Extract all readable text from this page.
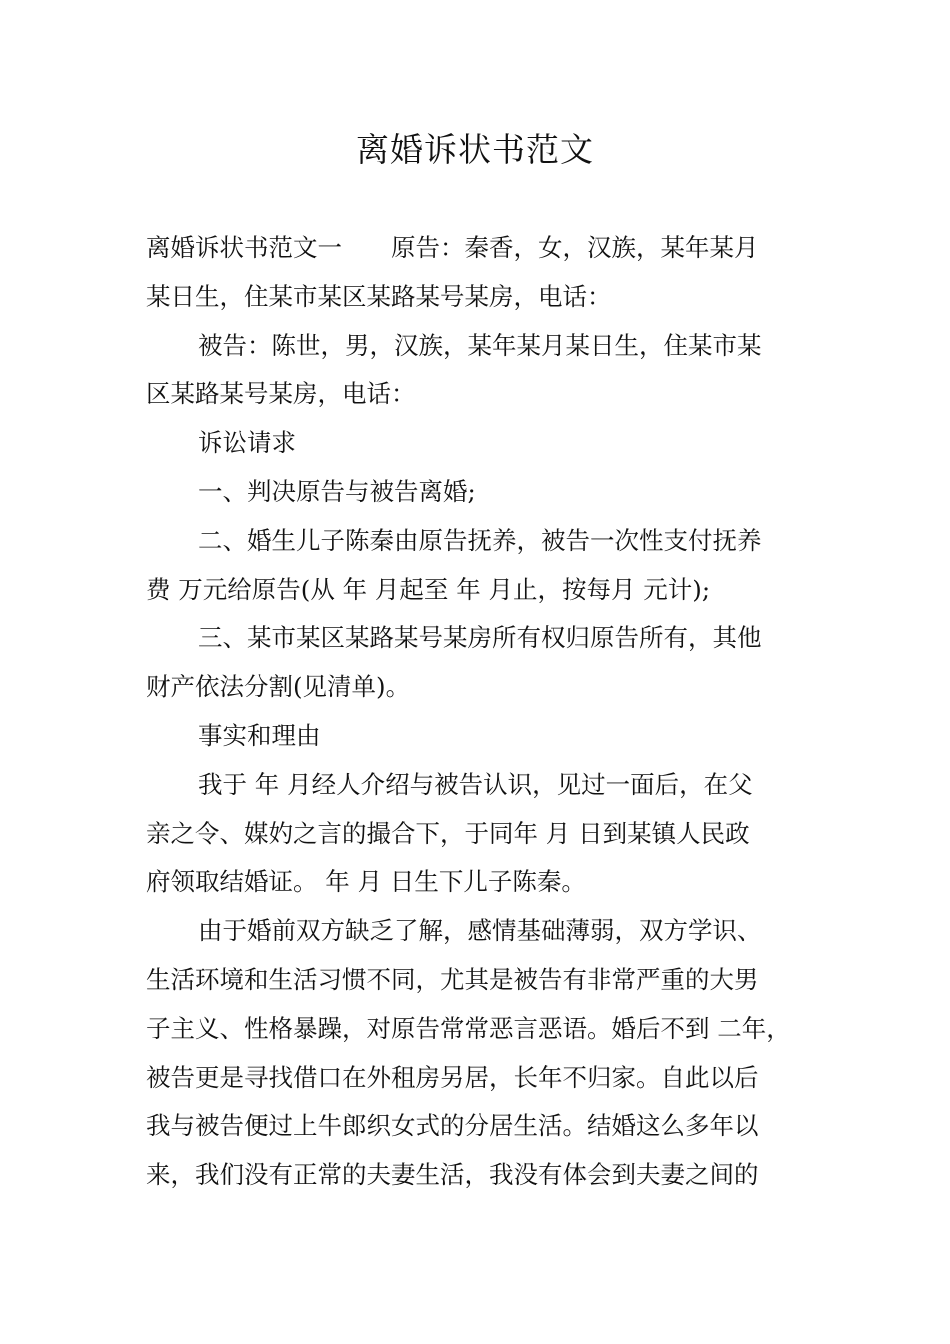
离婚诉状书范文
离婚诉状书范文一　　原告：秦香，女，汉族，某年某月
某日生，住某市某区某路某号某房，电话：
被告：陈世，男，汉族，某年某月某日生，住某市某
区某路某号某房，电话：
诉讼请求
一、判决原告与被告离婚;
二、婚生儿子陈秦由原告抚养，被告一次性支付抚养
费 万元给原告(从 年 月起至 年 月止，按每月 元计);
三、某市某区某路某号某房所有权归原告所有，其他
财产依法分割(见清单)。
事实和理由
我于 年 月经人介绍与被告认识，见过一面后，在父
亲之令、媒妁之言的撮合下，于同年 月 日到某镇人民政
府领取结婚证。 年 月 日生下儿子陈秦。
由于婚前双方缺乏了解，感情基础薄弱，双方学识、
生活环境和生活习惯不同，尤其是被告有非常严重的大男
子主义、性格暴躁，对原告常常恶言恶语。婚后不到 二年，
被告更是寻找借口在外租房另居，长年不归家。自此以后
我与被告便过上牛郎织女式的分居生活。结婚这么多年以
来，我们没有正常的夫妻生活，我没有体会到夫妻之间的
